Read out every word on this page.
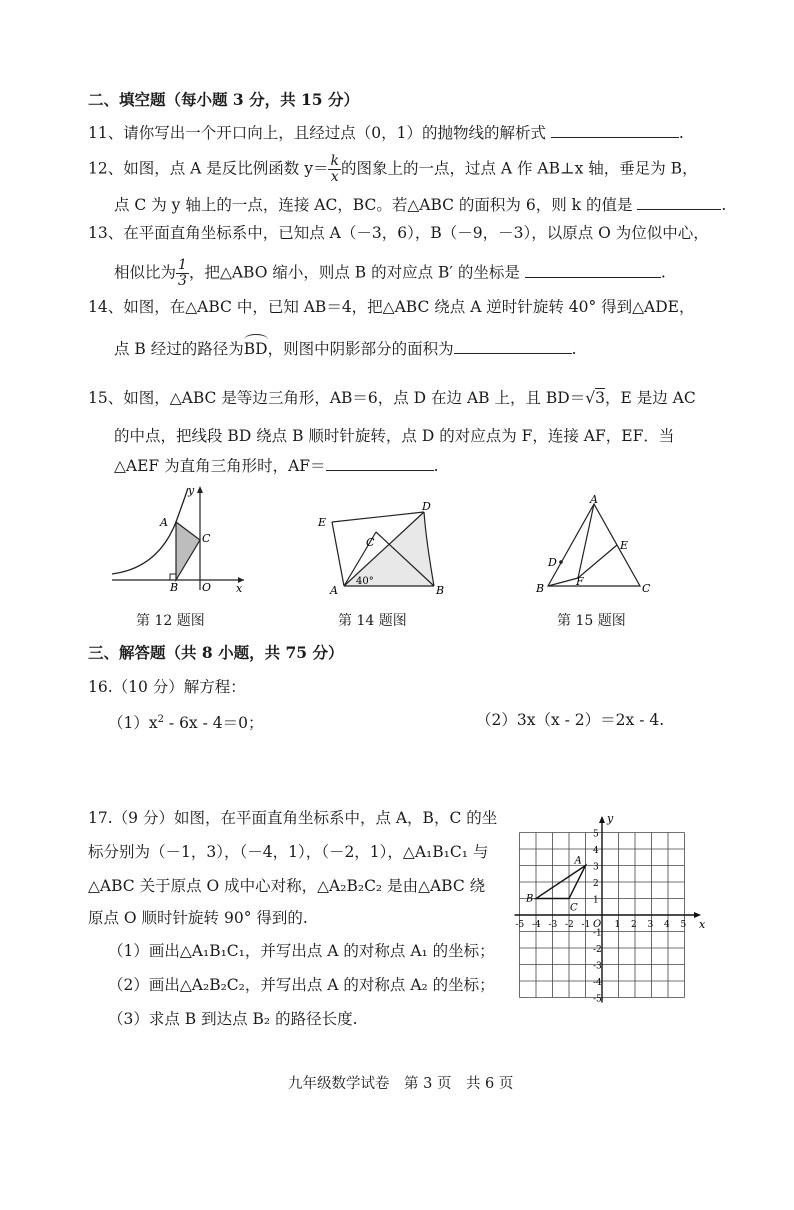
二、填空题（每小题 3 分，共 15 分）
11、请你写出一个开口向上，且经过点（0，1）的抛物线的解析式	.
12、如图，点 A 是反比例函数 $y= \frac{k}{x}$ 的图象上的一点，过点 A 作 AB⊥x 轴，垂足为 B，
点 C 为 y 轴上的一点，连接 AC，BC。若△ABC 的面积为 6，则 k 的值是	.
13、在平面直角坐标系中，已知点 A（－3，6），B（－9，－3），以原点 O 为位似中心，
相似比为 $\frac{1}{3}$ ，把△ABO 缩小，则点 B 的对应点 B′ 的坐标是	.
14、如图，在△ABC 中，已知 AB＝4，把△ABC 绕点 A 逆时针旋转 40° 得到△ADE，
点 B 经过的路径为BD，则图中阴影部分的面积为	.
15、如图，△ABC 是等边三角形，AB＝6，点 D 在边 AB 上，且 BD＝√3，E 是边 AC
的中点，把线段 BD 绕点 B 顺时针旋转，点 D 的对应点为 F，连接 AF，EF．当
△AEF 为直角三角形时，AF＝	.
y
A
C
B O x
第 12 题图
E
D
C
A
40°
B
第 14 题图
A
E
D
F
B	C
第 15 题图
三、解答题（共 8 小题，共 75 分）
16.（10 分）解方程：
$(1)x^2 - 6x - 4=0$；	（2）3x（x - 2）＝2x - 4.
17.（9 分）如图，在平面直角坐标系中，点 A，B，C 的坐
标分别为（－1，3），（－4，1），（－2，1），△A₁B₁C₁ 与
△ABC 关于原点 O 成中心对称，△A₂B₂C₂ 是由△ABC 绕
原点 O 顺时针旋转 90° 得到的.
（1）画出△A₁B₁C₁，并写出点 A 的对称点 A₁ 的坐标；
（2）画出△A₂B₂C₂，并写出点 A 的对称点 A₂ 的坐标；
（3）求点 B 到达点 B₂ 的路径长度.
x
y
O
-5 -4 -3 -2 -1	1 2 3 4 5
5
4
3
2
1
-1
-2
-3
-4
-5
A
B
C
九年级数学试卷　第 3 页　共 6 页
